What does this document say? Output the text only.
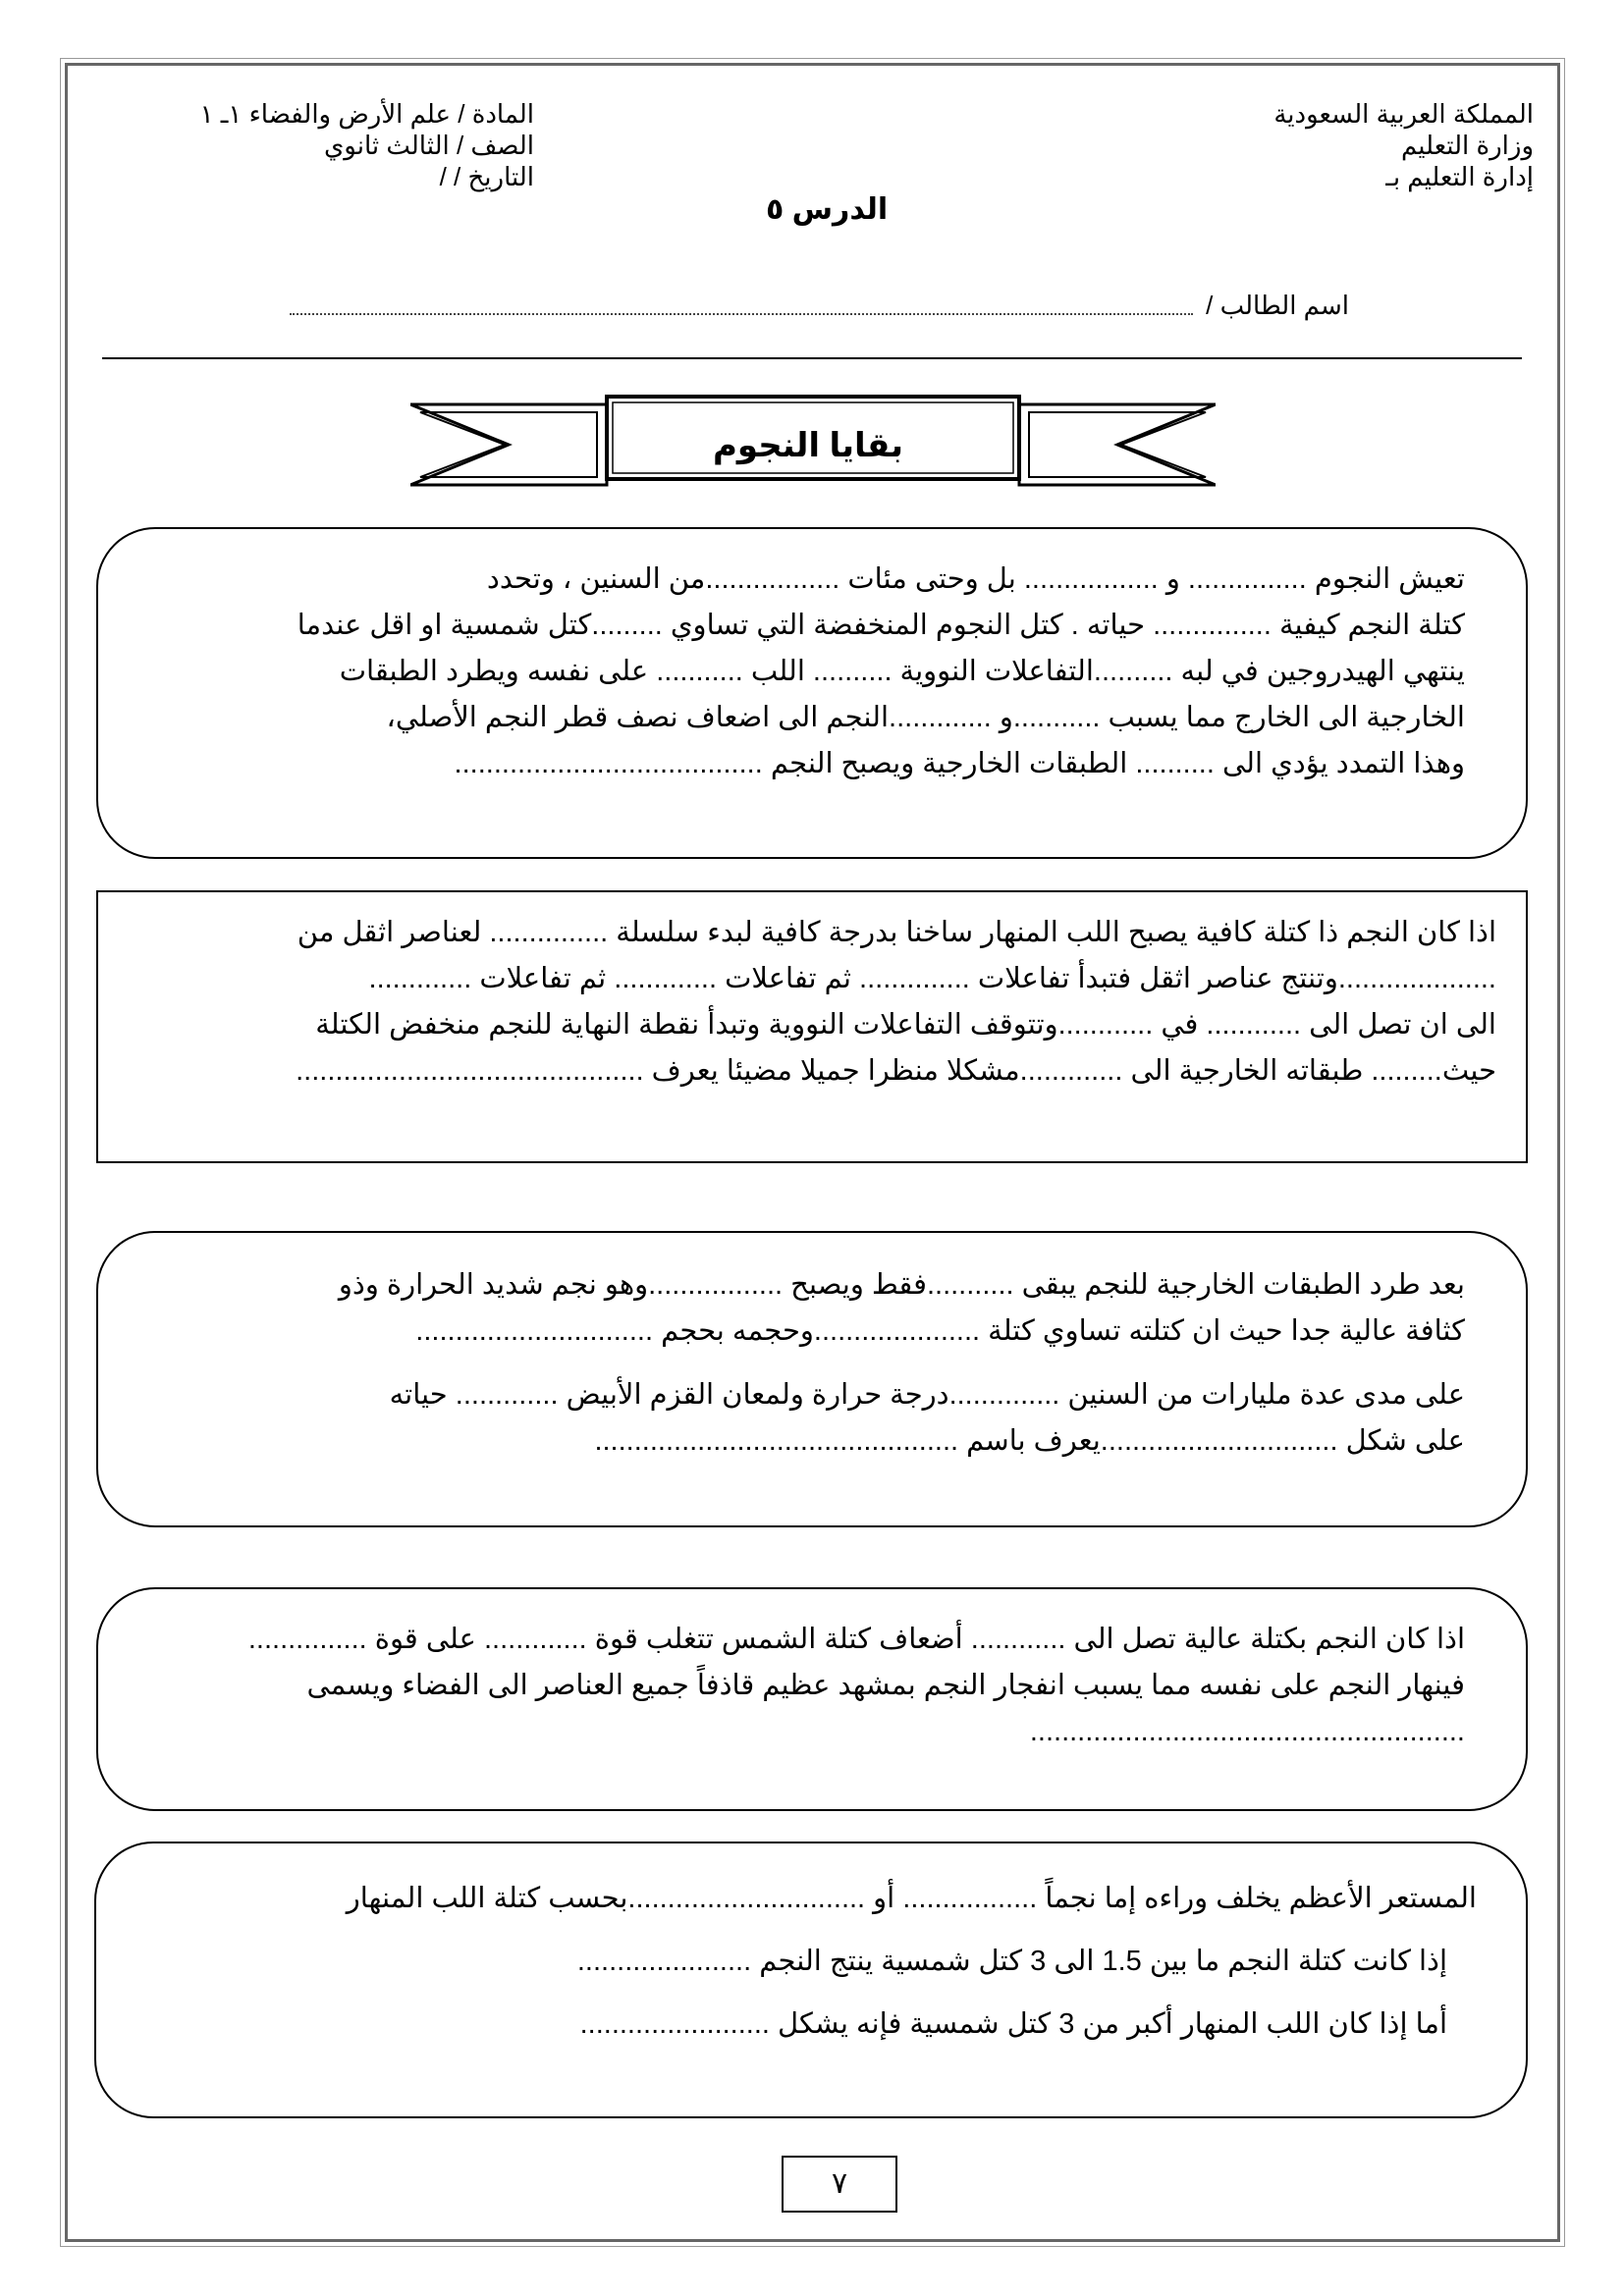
المملكة العربية السعودية
وزارة التعليم
إدارة التعليم بـ
المادة / علم الأرض والفضاء ١ـ ١
الصف / الثالث ثانوي
التاريخ / /
الدرس ٥
اسم الطالب /
بقايا النجوم

تعيش النجوم ............... و ................. بل وحتى مئات .................من السنين ، وتحدد

كتلة النجم كيفية ............... حياته . كتل النجوم المنخفضة التي تساوي .........كتل شمسية او اقل عندما

ينتهي الهيدروجين في لبه ..........التفاعلات النووية .......... اللب ........... على نفسه ويطرد الطبقات

الخارجية الى الخارج مما يسبب ...........و .............النجم الى اضعاف نصف قطر النجم الأصلي،

وهذا التمدد يؤدي الى .......... الطبقات الخارجية ويصبح النجم .......................................

اذا كان النجم ذا كتلة كافية يصبح اللب المنهار ساخنا بدرجة كافية لبدء سلسلة ............... لعناصر اثقل من

....................وتنتج عناصر اثقل فتبدأ تفاعلات .............. ثم تفاعلات ............. ثم تفاعلات .............

الى ان تصل الى ............ في ............وتتوقف التفاعلات النووية وتبدأ نقطة النهاية للنجم منخفض الكتلة

حيث......... طبقاته الخارجية الى .............مشكلا منظرا جميلا مضيئا يعرف ............................................

بعد طرد الطبقات الخارجية للنجم يبقى ...........فقط ويصبح .................وهو نجم شديد الحرارة وذو

كثافة عالية جدا حيث ان كتلته تساوي كتلة .....................وحجمه بحجم ..............................

على مدى عدة مليارات من السنين ..............درجة حرارة ولمعان القزم الأبيض ............. حياته

على شكل ..............................يعرف باسم ..............................................

اذا كان النجم بكتلة عالية تصل الى ............ أضعاف كتلة الشمس تتغلب قوة ............. على قوة ...............

فينهار النجم على نفسه مما يسبب انفجار النجم بمشهد عظيم قاذفاً جميع العناصر الى الفضاء ويسمى

.......................................................

المستعر الأعظم يخلف وراءه إما نجماً ................. أو ..............................بحسب كتلة اللب المنهار

إذا كانت كتلة النجم ما بين 1.5 الى 3 كتل شمسية ينتج النجم ......................

أما إذا كان اللب المنهار أكبر من 3 كتل شمسية فإنه يشكل ........................

٧
